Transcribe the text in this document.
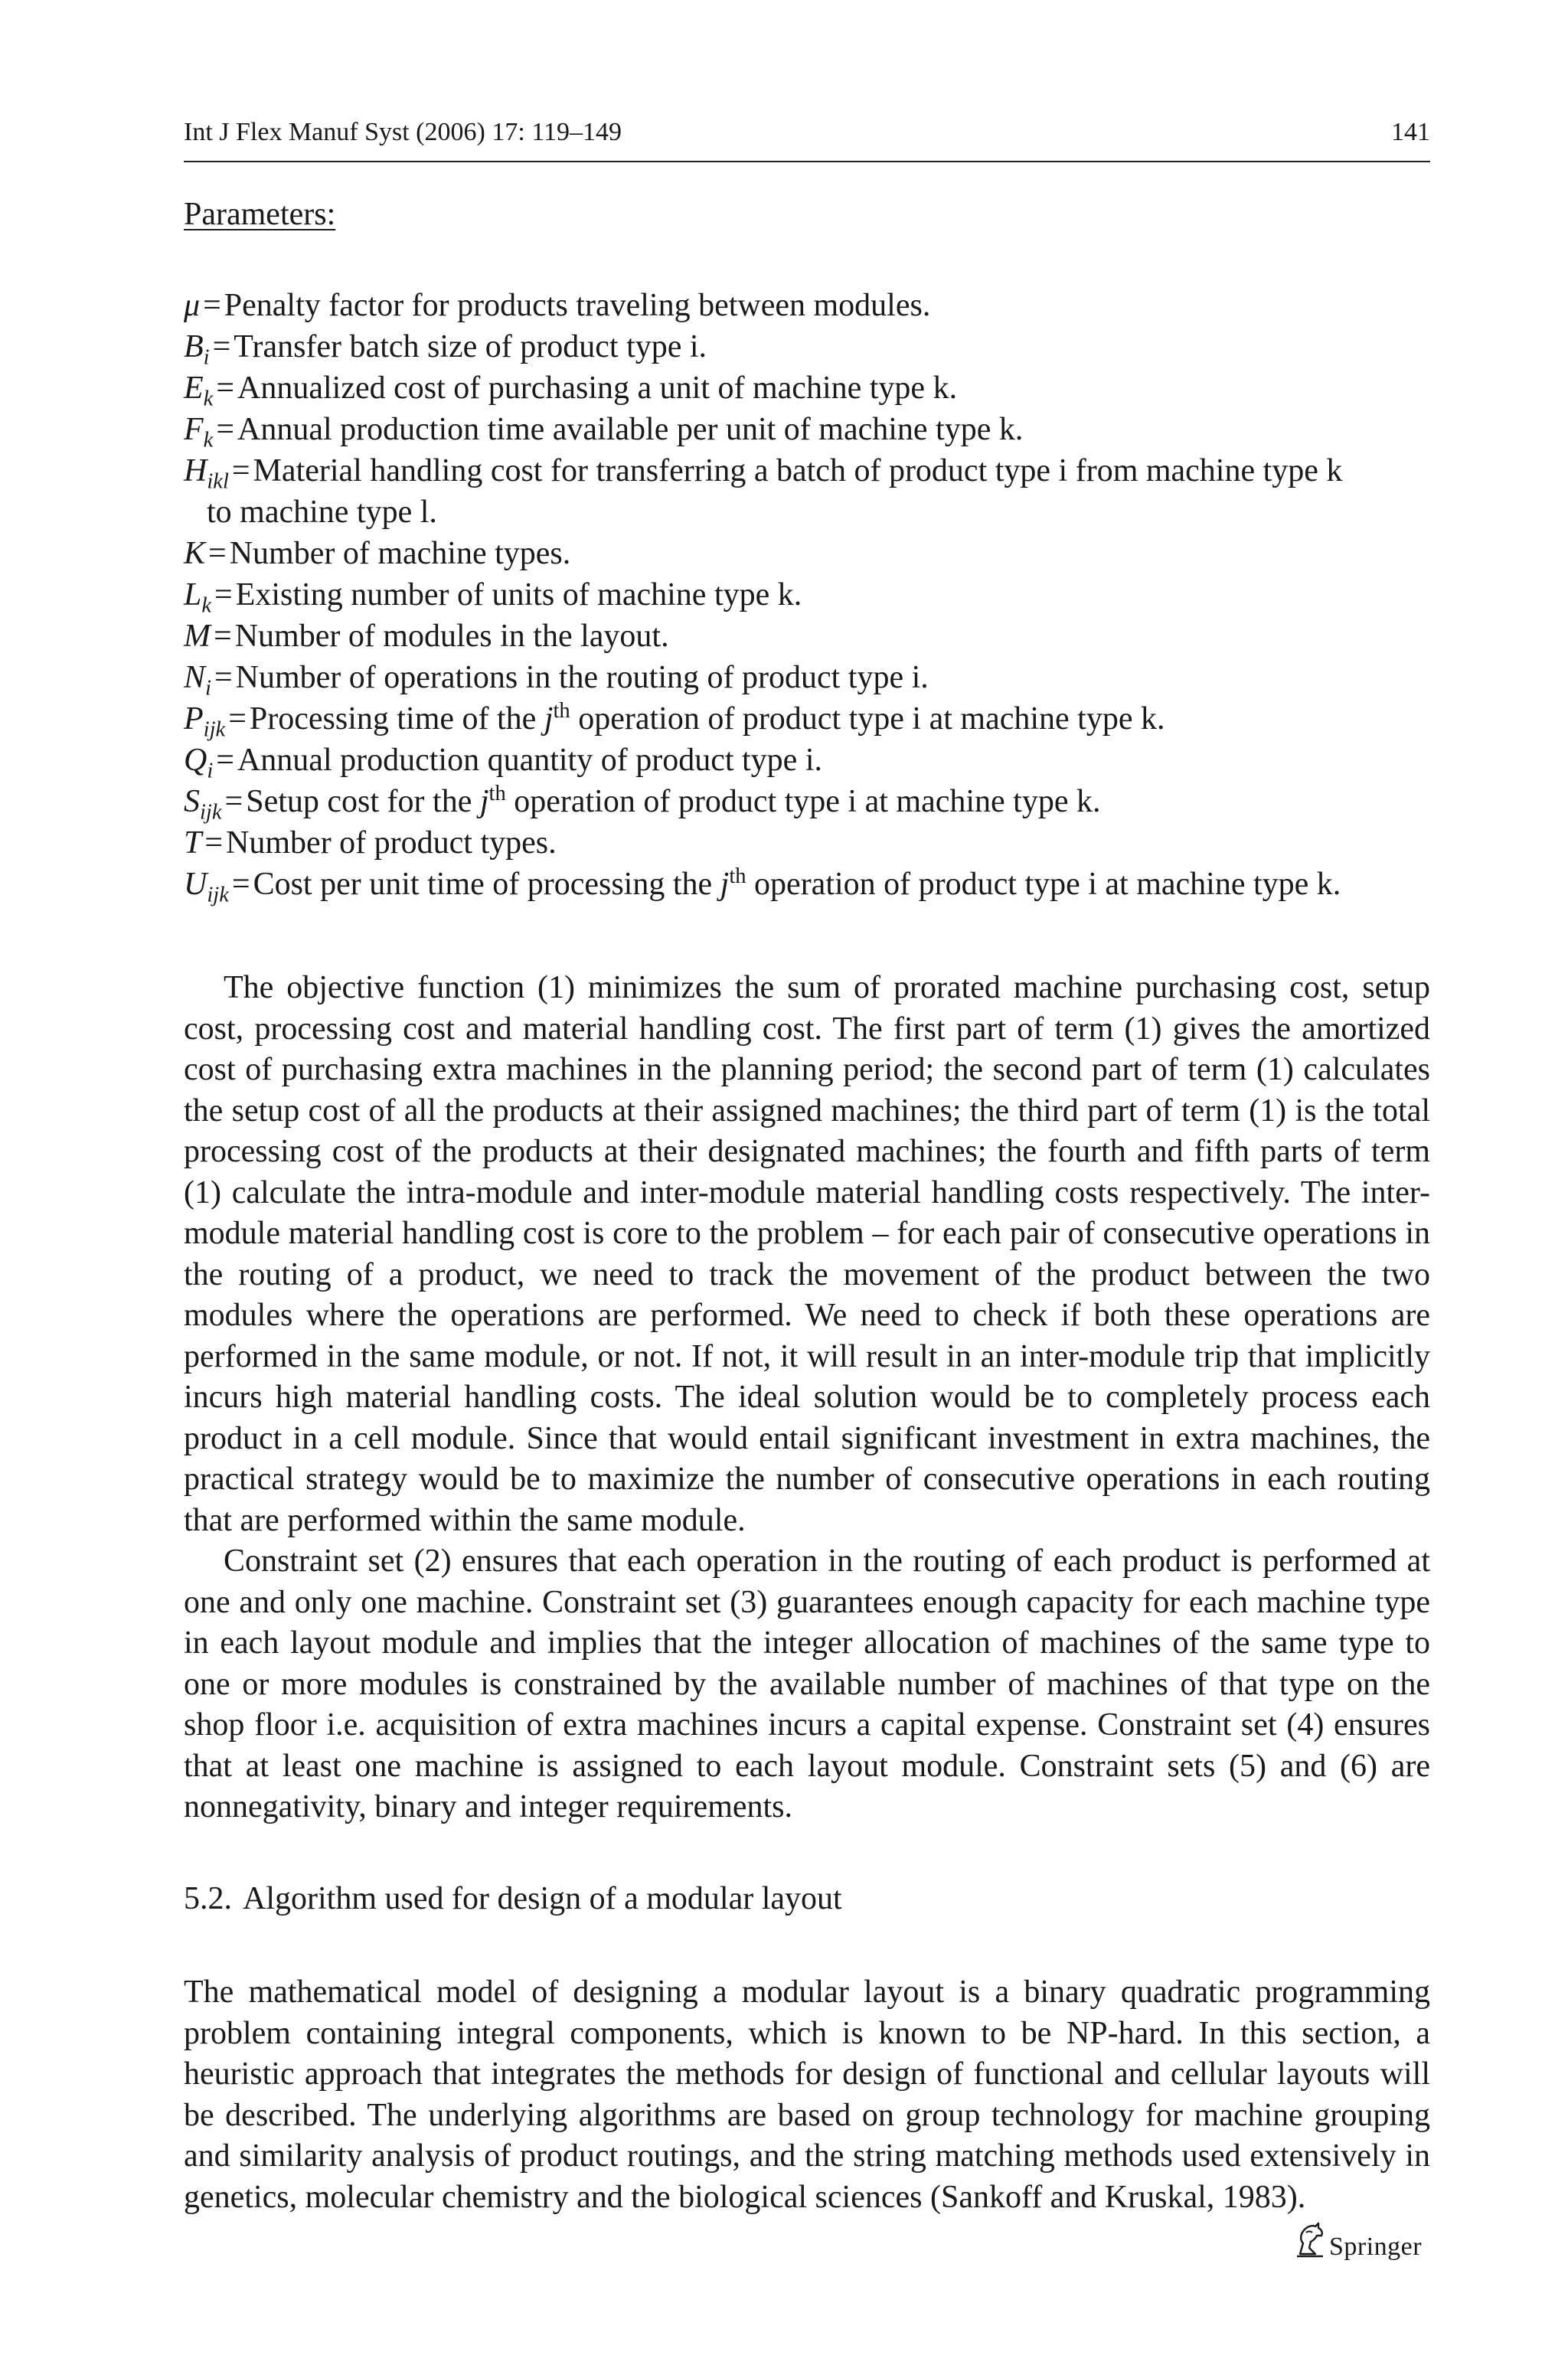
Int J Flex Manuf Syst (2006) 17: 119–149	141
Parameters:
μ=Penalty factor for products traveling between modules.
$B_i=Transfer$ batch size of product type i.
$E_k=Annualized$ cost of purchasing a unit of machine type k.
$F_k=Annual$ production time available per unit of machine type k.
$H_{ikl}=Material$ handling cost for transferring a batch of product type i from machine type k
to machine type l.
K=Number of machine types.
$L_k=Existing$ number of units of machine type k.
M=Number of modules in the layout.
$N_i=Number$ of operations in the routing of product type i.
$P_{ijk}=Processing$ time of the $j^{th}$ operation of product type i at machine type k.
$Q_i=Annual$ production quantity of product type i.
$S_{ijk}=Setup$ cost for the $j^{th}$ operation of product type i at machine type k.
T=Number of product types.
$U_{ijk}=Cost$ per unit time of processing the $j^{th}$ operation of product type i at machine type k.

The objective function (1) minimizes the sum of prorated machine purchasing cost, setup cost, processing cost and material handling cost. The first part of term (1) gives the amortized cost of purchasing extra machines in the planning period; the second part of term (1) calculates the setup cost of all the products at their assigned machines; the third part of term (1) is the total processing cost of the products at their designated machines; the fourth and fifth parts of term (1) calculate the intra-module and inter-module material handling costs respectively. The inter-module material handling cost is core to the problem – for each pair of consecutive operations in the routing of a product, we need to track the movement of the product between the two modules where the operations are performed. We need to check if both these operations are performed in the same module, or not. If not, it will result in an inter-module trip that implicitly incurs high material handling costs. The ideal solution would be to completely process each product in a cell module. Since that would entail significant investment in extra machines, the practical strategy would be to maximize the number of consecutive operations in each routing that are performed within the same module.

Constraint set (2) ensures that each operation in the routing of each product is performed at one and only one machine. Constraint set (3) guarantees enough capacity for each machine type in each layout module and implies that the integer allocation of machines of the same type to one or more modules is constrained by the available number of machines of that type on the shop floor i.e. acquisition of extra machines incurs a capital expense. Constraint set (4) ensures that at least one machine is assigned to each layout module. Constraint sets (5) and (6) are nonnegativity, binary and integer requirements.

5.2. Algorithm used for design of a modular layout

The mathematical model of designing a modular layout is a binary quadratic programming problem containing integral components, which is known to be NP-hard. In this section, a heuristic approach that integrates the methods for design of functional and cellular layouts will be described. The underlying algorithms are based on group technology for machine grouping and similarity analysis of product routings, and the string matching methods used extensively in genetics, molecular chemistry and the biological sciences (Sankoff and Kruskal, 1983).

Springer
